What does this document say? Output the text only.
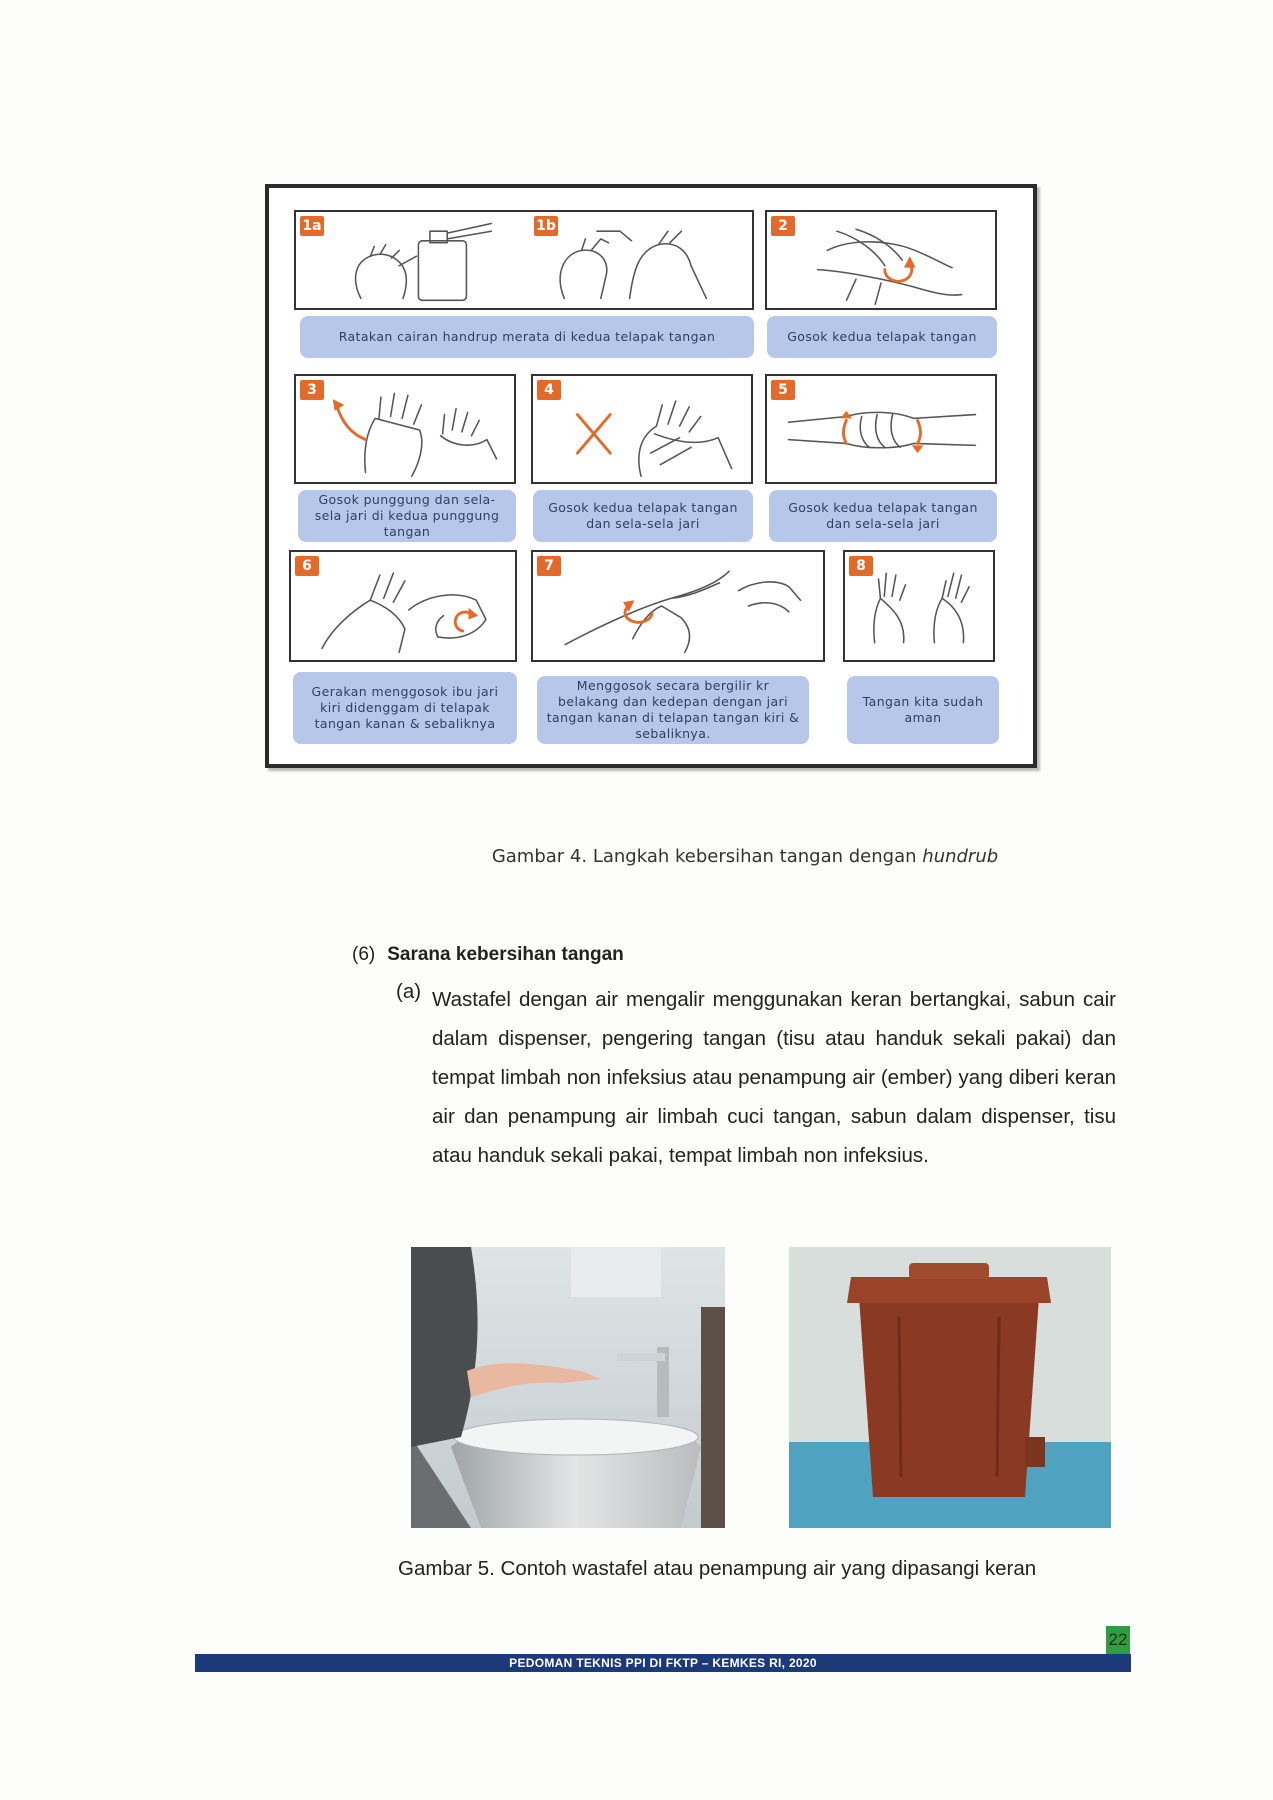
1a	1b	2
Ratakan cairan handrup merata di kedua telapak tangan	Gosok kedua telapak tangan
3	4	5
Gosok punggung dan sela- sela jari di kedua punggung tangan
Gosok kedua telapak tangan dan sela-sela jari
Gosok kedua telapak tangan dan sela-sela jari
6	7	8
Gerakan menggosok ibu jari kiri didenggam di telapak tangan kanan & sebaliknya
Menggosok secara bergilir kr belakang dan kedepan dengan jari tangan kanan di telapan tangan kiri & sebaliknya.
Tangan kita sudah aman
Gambar 4. Langkah kebersihan tangan dengan hundrub
(6) Sarana kebersihan tangan
(a) Wastafel dengan air mengalir menggunakan keran bertangkai, sabun cair dalam dispenser, pengering tangan (tisu atau handuk sekali pakai) dan tempat limbah non infeksius atau penampung air (ember) yang diberi keran air dan penampung air limbah cuci tangan, sabun dalam dispenser, tisu atau handuk sekali pakai, tempat limbah non infeksius.
Gambar 5. Contoh wastafel atau penampung air yang dipasangi keran
22
PEDOMAN TEKNIS PPI DI FKTP – KEMKES RI, 2020
